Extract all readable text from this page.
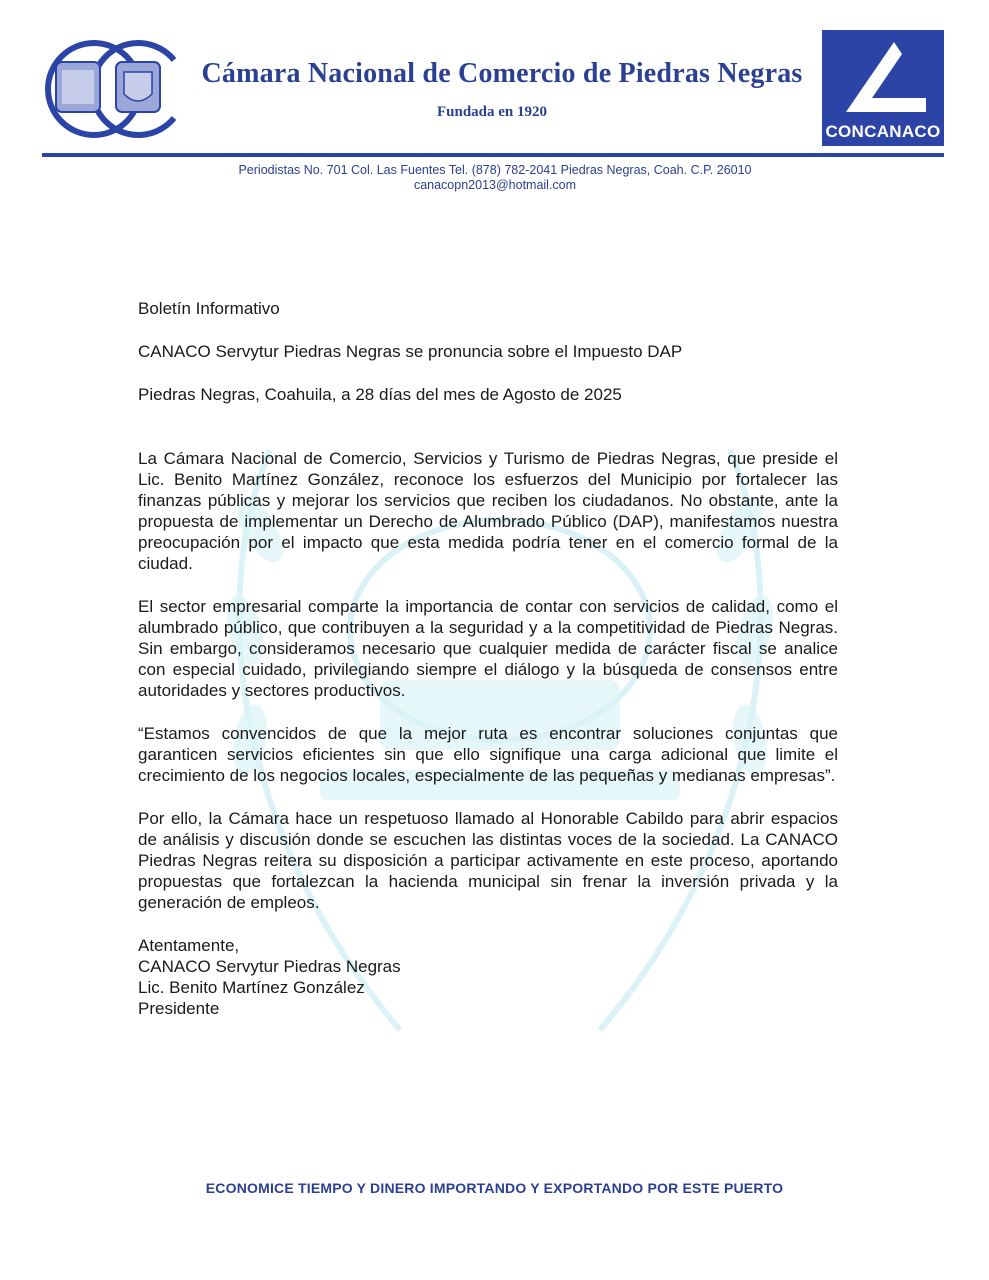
Cámara Nacional de Comercio de Piedras Negras
Fundada en 1920
CONCANACO
Periodistas No. 701 Col. Las Fuentes Tel. (878) 782-2041 Piedras Negras, Coah. C.P. 26010
canacopn2013@hotmail.com

Boletín Informativo

CANACO Servytur Piedras Negras se pronuncia sobre el Impuesto DAP

Piedras Negras, Coahuila, a 28 días del mes de Agosto de 2025

La Cámara Nacional de Comercio, Servicios y Turismo de Piedras Negras, que preside el Lic. Benito Martínez González, reconoce los esfuerzos del Municipio por fortalecer las finanzas públicas y mejorar los servicios que reciben los ciudadanos. No obstante, ante la propuesta de implementar un Derecho de Alumbrado Público (DAP), manifestamos nuestra preocupación por el impacto que esta medida podría tener en el comercio formal de la ciudad.

El sector empresarial comparte la importancia de contar con servicios de calidad, como el alumbrado público, que contribuyen a la seguridad y a la competitividad de Piedras Negras. Sin embargo, consideramos necesario que cualquier medida de carácter fiscal se analice con especial cuidado, privilegiando siempre el diálogo y la búsqueda de consensos entre autoridades y sectores productivos.

“Estamos convencidos de que la mejor ruta es encontrar soluciones conjuntas que garanticen servicios eficientes sin que ello signifique una carga adicional que limite el crecimiento de los negocios locales, especialmente de las pequeñas y medianas empresas”.

Por ello, la Cámara hace un respetuoso llamado al Honorable Cabildo para abrir espacios de análisis y discusión donde se escuchen las distintas voces de la sociedad. La CANACO Piedras Negras reitera su disposición a participar activamente en este proceso, aportando propuestas que fortalezcan la hacienda municipal sin frenar la inversión privada y la generación de empleos.

Atentamente,
CANACO Servytur Piedras Negras
Lic. Benito Martínez González
Presidente
ECONOMICE TIEMPO Y DINERO IMPORTANDO Y EXPORTANDO POR ESTE PUERTO
